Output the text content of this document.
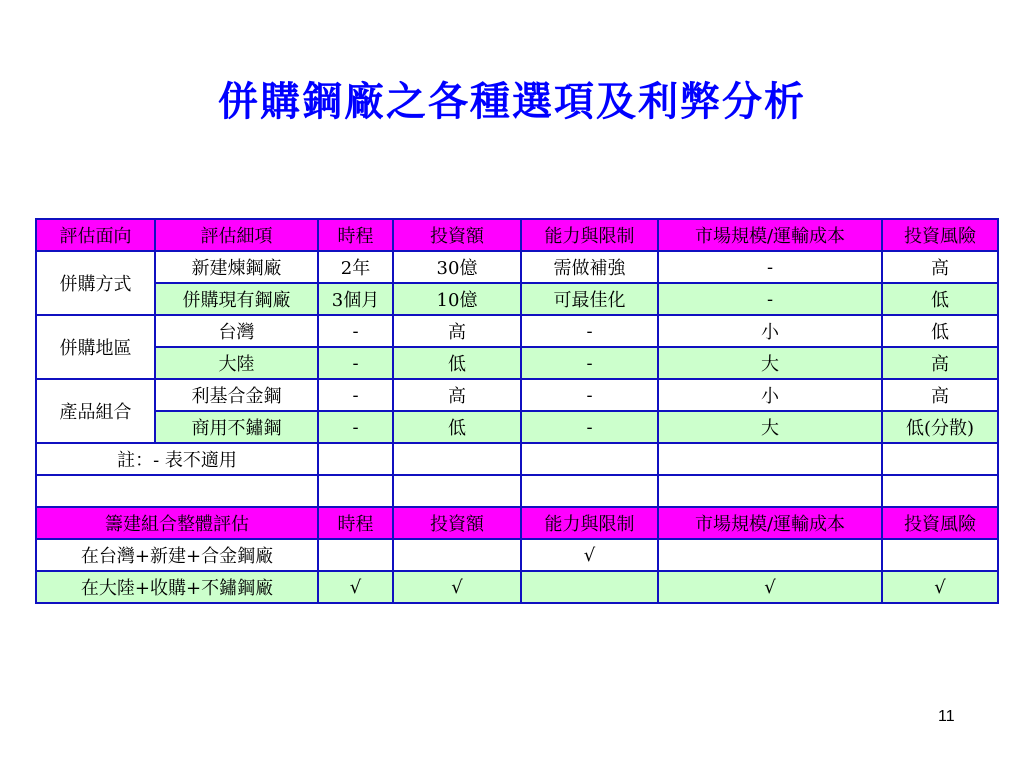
併購鋼廠之各種選項及利弊分析
評估面向	評估細項	時程	投資額	能力與限制	市場規模/運輸成本	投資風險
併購方式	新建煉鋼廠	2年	30億	需做補強	-	高
	併購現有鋼廠	3個月	10億	可最佳化	-	低
併購地區	台灣	-	高	-	小	低
	大陸	-	低	-	大	高
產品組合	利基合金鋼	-	高	-	小	高
	商用不鏽鋼	-	低	-	大	低(分散)
註：- 表不適用						

籌建組合整體評估		時程	投資額	能力與限制	市場規模/運輸成本	投資風險
在台灣+新建+合金鋼廠				√		
在大陸+收購+不鏽鋼廠		√	√		√	√
11
